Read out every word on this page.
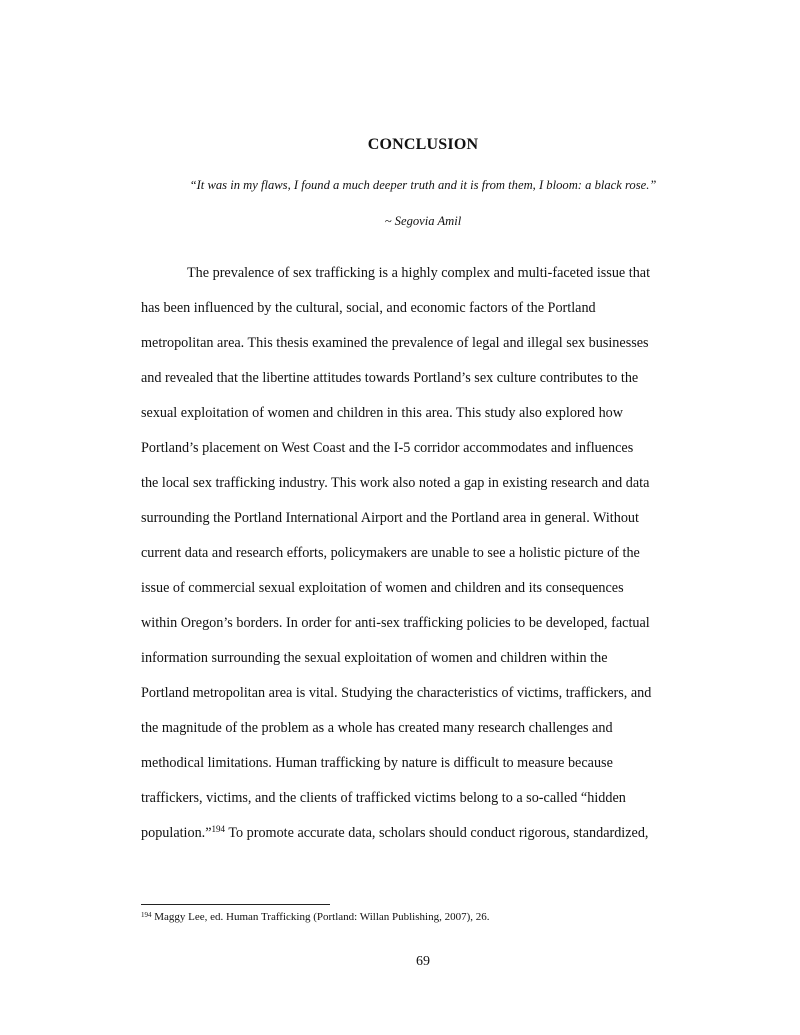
CONCLUSION
“It was in my flaws, I found a much deeper truth and it is from them, I bloom: a black rose.”
~ Segovia Amil
The prevalence of sex trafficking is a highly complex and multi-faceted issue that
has been influenced by the cultural, social, and economic factors of the Portland
metropolitan area. This thesis examined the prevalence of legal and illegal sex businesses
and revealed that the libertine attitudes towards Portland’s sex culture contributes to the
sexual exploitation of women and children in this area. This study also explored how
Portland’s placement on West Coast and the I-5 corridor accommodates and influences
the local sex trafficking industry. This work also noted a gap in existing research and data
surrounding the Portland International Airport and the Portland area in general. Without
current data and research efforts, policymakers are unable to see a holistic picture of the
issue of commercial sexual exploitation of women and children and its consequences
within Oregon’s borders. In order for anti-sex trafficking policies to be developed, factual
information surrounding the sexual exploitation of women and children within the
Portland metropolitan area is vital. Studying the characteristics of victims, traffickers, and
the magnitude of the problem as a whole has created many research challenges and
methodical limitations. Human trafficking by nature is difficult to measure because
traffickers, victims, and the clients of trafficked victims belong to a so-called “hidden
population.”$^{194}$ To promote accurate data, scholars should conduct rigorous, standardized,
$^{194}$ Maggy Lee, ed. Human Trafficking (Portland: Willan Publishing, 2007), 26.
69
